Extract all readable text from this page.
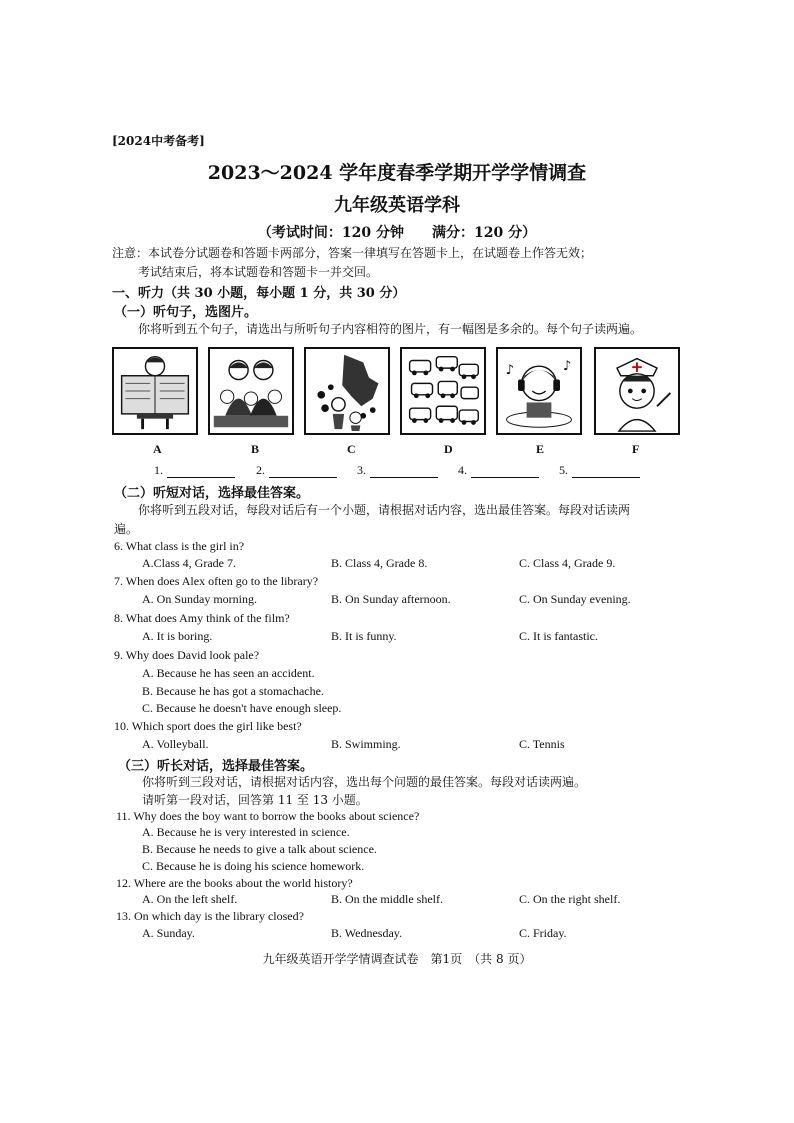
[2024中考备考]
2023～2024 学年度春季学期开学学情调查
九年级英语学科
（考试时间：120 分钟　　满分：120 分）
注意：本试卷分试题卷和答题卡两部分，答案一律填写在答题卡上，在试题卷上作答无效；
考试结束后，将本试题卷和答题卡一并交回。
一、听力（共 30 小题，每小题 1 分，共 30 分）
（一）听句子，选图片。
你将听到五个句子，请选出与所听句子内容相符的图片，有一幅图是多余的。每个句子读两遍。
♪	♪
A	B	C	D	E	F
1.	2.	3.	4.	5.
（二）听短对话，选择最佳答案。
你将听到五段对话，每段对话后有一个小题，请根据对话内容，选出最佳答案。每段对话读两
遍。
6. What class is the girl in?
A.Class 4, Grade 7.	B. Class 4, Grade 8.	C. Class 4, Grade 9.
7. When does Alex often go to the library?
A. On Sunday morning.	B. On Sunday afternoon.	C. On Sunday evening.
8. What does Amy think of the film?
A. It is boring.	B. It is funny.	C. It is fantastic.
9. Why does David look pale?
A. Because he has seen an accident.
B. Because he has got a stomachache.
C. Because he doesn't have enough sleep.
10. Which sport does the girl like best?
A. Volleyball.	B. Swimming.	C. Tennis
（三）听长对话，选择最佳答案。
你将听到三段对话，请根据对话内容，选出每个问题的最佳答案。每段对话读两遍。
请听第一段对话，回答第 11 至 13 小题。
11. Why does the boy want to borrow the books about science?
A. Because he is very interested in science.
B. Because he needs to give a talk about science.
C. Because he is doing his science homework.
12. Where are the books about the world history?
A. On the left shelf.	B. On the middle shelf.	C. On the right shelf.
13. On which day is the library closed?
A. Sunday.	B. Wednesday.	C. Friday.
九年级英语开学学情调查试卷　第1页　（共 8 页）
